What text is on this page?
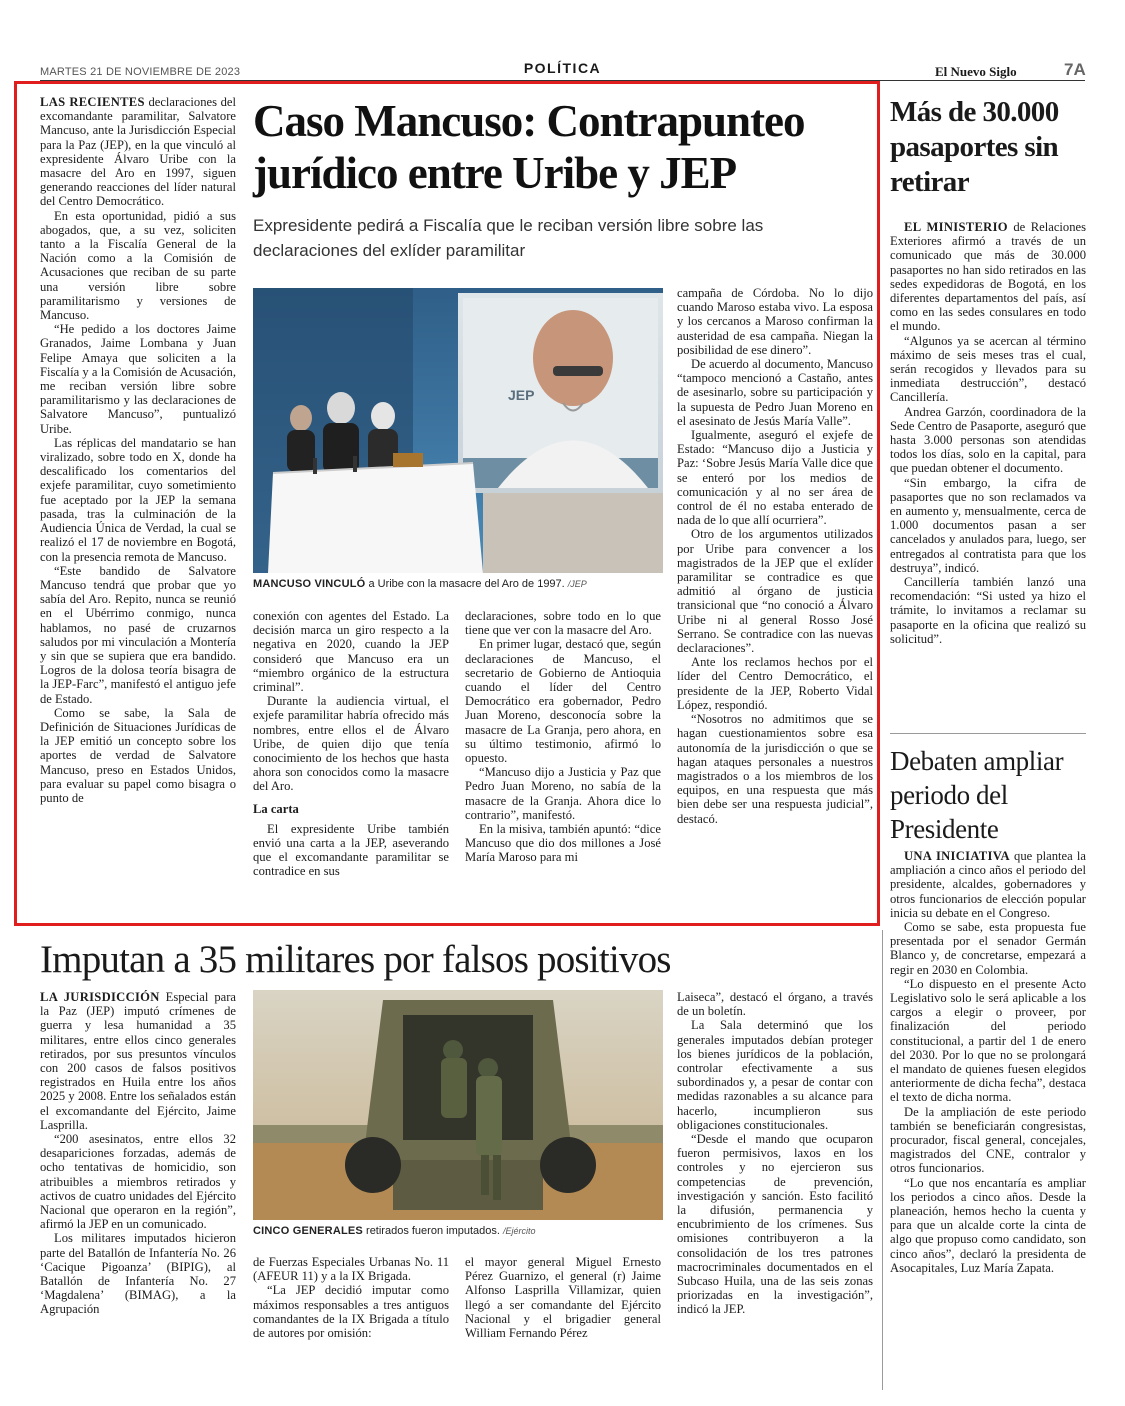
MARTES 21 DE NOVIEMBRE DE 2023	POLÍTICA	El Nuevo Siglo	7A
Caso Mancuso: Contrapunteo jurídico entre Uribe y JEP
Expresidente pedirá a Fiscalía que le reciban versión libre sobre las declaraciones del exlíder paramilitar

LAS RECIENTES declaraciones del excomandante paramilitar, Salvatore Mancuso, ante la Jurisdicción Especial para la Paz (JEP), en la que vinculó al expresidente Álvaro Uribe con la masacre del Aro en 1997, siguen generando reacciones del líder natural del Centro Democrático.

En esta oportunidad, pidió a sus abogados, que, a su vez, soliciten tanto a la Fiscalía General de la Nación como a la Comisión de Acusaciones que reciban de su parte una versión libre sobre paramilitarismo y versiones de Mancuso.

“He pedido a los doctores Jaime Granados, Jaime Lombana y Juan Felipe Amaya que soliciten a la Fiscalía y a la Comisión de Acusación, me reciban versión libre sobre paramilitarismo y las declaraciones de Salvatore Mancuso”, puntualizó Uribe.

Las réplicas del mandatario se han viralizado, sobre todo en X, donde ha descalificado los comentarios del exjefe paramilitar, cuyo sometimiento fue aceptado por la JEP la semana pasada, tras la culminación de la Audiencia Única de Verdad, la cual se realizó el 17 de noviembre en Bogotá, con la presencia remota de Mancuso.

“Este bandido de Salvatore Mancuso tendrá que probar que yo sabía del Aro. Repito, nunca se reunió en el Ubérrimo conmigo, nunca hablamos, no pasé de cruzarnos saludos por mi vinculación a Montería y sin que se supiera que era bandido. Logros de la dolosa teoría bisagra de la JEP-Farc”, manifestó el antiguo jefe de Estado.

Como se sabe, la Sala de Definición de Situaciones Jurídicas de la JEP emitió un concepto sobre los aportes de verdad de Salvatore Mancuso, preso en Estados Unidos, para evaluar su papel como bisagra o punto de

JEP
MANCUSO VINCULÓ a Uribe con la masacre del Aro de 1997. /JEP

conexión con agentes del Estado. La decisión marca un giro respecto a la negativa en 2020, cuando la JEP consideró que Mancuso era un “miembro orgánico de la estructura criminal”.

Durante la audiencia virtual, el exjefe paramilitar habría ofrecido más nombres, entre ellos el de Álvaro Uribe, de quien dijo que tenía conocimiento de los hechos que hasta ahora son conocidos como la masacre del Aro.

La carta

El expresidente Uribe también envió una carta a la JEP, aseverando que el excomandante paramilitar se contradice en sus

declaraciones, sobre todo en lo que tiene que ver con la masacre del Aro.

En primer lugar, destacó que, según declaraciones de Mancuso, el secretario de Gobierno de Antioquia cuando el líder del Centro Democrático era gobernador, Pedro Juan Moreno, desconocía sobre la masacre de La Granja, pero ahora, en su último testimonio, afirmó lo opuesto.

“Mancuso dijo a Justicia y Paz que Pedro Juan Moreno, no sabía de la masacre de la Granja. Ahora dice lo contrario”, manifestó.

En la misiva, también apuntó: “dice Mancuso que dio dos millones a José María Maroso para mi

campaña de Córdoba. No lo dijo cuando Maroso estaba vivo. La esposa y los cercanos a Maroso confirman la austeridad de esa campaña. Niegan la posibilidad de ese dinero”.

De acuerdo al documento, Mancuso “tampoco mencionó a Castaño, antes de asesinarlo, sobre su participación y la supuesta de Pedro Juan Moreno en el asesinato de Jesús María Valle”.

Igualmente, aseguró el exjefe de Estado: “Mancuso dijo a Justicia y Paz: ‘Sobre Jesús María Valle dice que se enteró por los medios de comunicación y al no ser área de control de él no estaba enterado de nada de lo que allí ocurriera”.

Otro de los argumentos utilizados por Uribe para convencer a los magistrados de la JEP que el exlíder paramilitar se contradice es que admitió al órgano de justicia transicional que “no conoció a Álvaro Uribe ni al general Rosso José Serrano. Se contradice con las nuevas declaraciones”.

Ante los reclamos hechos por el líder del Centro Democrático, el presidente de la JEP, Roberto Vidal López, respondió.

“Nosotros no admitimos que se hagan cuestionamientos sobre esa autonomía de la jurisdicción o que se hagan ataques personales a nuestros magistrados o a los miembros de los equipos, en una respuesta que más bien debe ser una respuesta judicial”, destacó.

Más de 30.000 pasaportes sin retirar

EL MINISTERIO de Relaciones Exteriores afirmó a través de un comunicado que más de 30.000 pasaportes no han sido retirados en las sedes expedidoras de Bogotá, en los diferentes departamentos del país, así como en las sedes consulares en todo el mundo.

“Algunos ya se acercan al término máximo de seis meses tras el cual, serán recogidos y llevados para su inmediata destrucción”, destacó Cancillería.

Andrea Garzón, coordinadora de la Sede Centro de Pasaporte, aseguró que hasta 3.000 personas son atendidas todos los días, solo en la capital, para que puedan obtener el documento.

“Sin embargo, la cifra de pasaportes que no son reclamados va en aumento y, mensualmente, cerca de 1.000 documentos pasan a ser cancelados y anulados para, luego, ser entregados al contratista para que los destruya”, indicó.

Cancillería también lanzó una recomendación: “Si usted ya hizo el trámite, lo invitamos a reclamar su pasaporte en la oficina que realizó su solicitud”.

Debaten ampliar periodo del Presidente

UNA INICIATIVA que plantea la ampliación a cinco años el periodo del presidente, alcaldes, gobernadores y otros funcionarios de elección popular inicia su debate en el Congreso.

Como se sabe, esta propuesta fue presentada por el senador Germán Blanco y, de concretarse, empezará a regir en 2030 en Colombia.

“Lo dispuesto en el presente Acto Legislativo solo le será aplicable a los cargos a elegir o proveer, por finalización del periodo constitucional, a partir del 1 de enero del 2030. Por lo que no se prolongará el mandato de quienes fuesen elegidos anteriormente de dicha fecha”, destaca el texto de dicha norma.

De la ampliación de este periodo también se beneficiarán congresistas, procurador, fiscal general, concejales, magistrados del CNE, contralor y otros funcionarios.

“Lo que nos encantaría es ampliar los periodos a cinco años. Desde la planeación, hemos hecho la cuenta y para que un alcalde corte la cinta de algo que propuso como candidato, son cinco años”, declaró la presidenta de Asocapitales, Luz María Zapata.

Imputan a 35 militares por falsos positivos

LA JURISDICCIÓN Especial para la Paz (JEP) imputó crímenes de guerra y lesa humanidad a 35 militares, entre ellos cinco generales retirados, por sus presuntos vínculos con 200 casos de falsos positivos registrados en Huila entre los años 2025 y 2008. Entre los señalados están el excomandante del Ejército, Jaime Lasprilla.

“200 asesinatos, entre ellos 32 desapariciones forzadas, además de ocho tentativas de homicidio, son atribuibles a miembros retirados y activos de cuatro unidades del Ejército Nacional que operaron en la región”, afirmó la JEP en un comunicado.

Los militares imputados hicieron parte del Batallón de Infantería No. 26 ‘Cacique Pigoanza’ (BIPIG), al Batallón de Infantería No. 27 ‘Magdalena’ (BIMAG), a la Agrupación

CINCO GENERALES retirados fueron imputados. /Ejército

de Fuerzas Especiales Urbanas No. 11 (AFEUR 11) y a la IX Brigada.

“La JEP decidió imputar como máximos responsables a tres antiguos comandantes de la IX Brigada a título de autores por omisión:

el mayor general Miguel Ernesto Pérez Guarnizo, el general (r) Jaime Alfonso Lasprilla Villamizar, quien llegó a ser comandante del Ejército Nacional y el brigadier general William Fernando Pérez

Laiseca”, destacó el órgano, a través de un boletín.

La Sala determinó que los generales imputados debían proteger los bienes jurídicos de la población, controlar efectivamente a sus subordinados y, a pesar de contar con medidas razonables a su alcance para hacerlo, incumplieron sus obligaciones constitucionales.

“Desde el mando que ocuparon fueron permisivos, laxos en los controles y no ejercieron sus competencias de prevención, investigación y sanción. Esto facilitó la difusión, permanencia y encubrimiento de los crímenes. Sus omisiones contribuyeron a la consolidación de los tres patrones macrocriminales documentados en el Subcaso Huila, una de las seis zonas priorizadas en la investigación”, indicó la JEP.
